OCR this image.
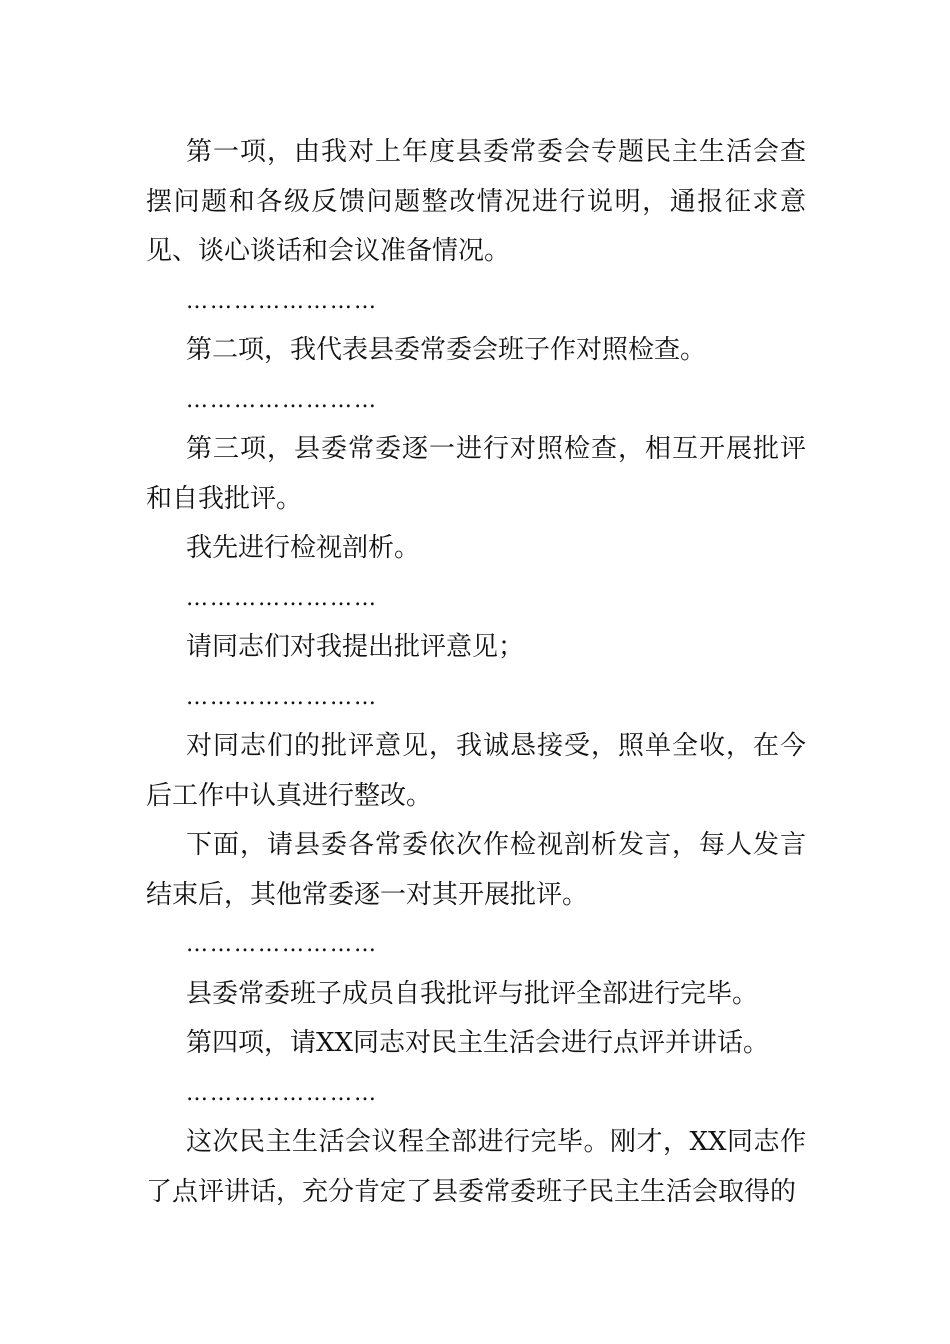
第一项，由我对上年度县委常委会专题民主生活会查摆问题和各级反馈问题整改情况进行说明，通报征求意见、谈心谈话和会议准备情况。

……………………

第二项，我代表县委常委会班子作对照检查。

……………………

第三项，县委常委逐一进行对照检查，相互开展批评和自我批评。

我先进行检视剖析。

……………………

请同志们对我提出批评意见；

……………………

对同志们的批评意见，我诚恳接受，照单全收，在今后工作中认真进行整改。

下面，请县委各常委依次作检视剖析发言，每人发言结束后，其他常委逐一对其开展批评。

……………………

县委常委班子成员自我批评与批评全部进行完毕。

第四项，请XX同志对民主生活会进行点评并讲话。

……………………

这次民主生活会议程全部进行完毕。刚才，XX同志作了点评讲话，充分肯定了县委常委班子民主生活会取得的
